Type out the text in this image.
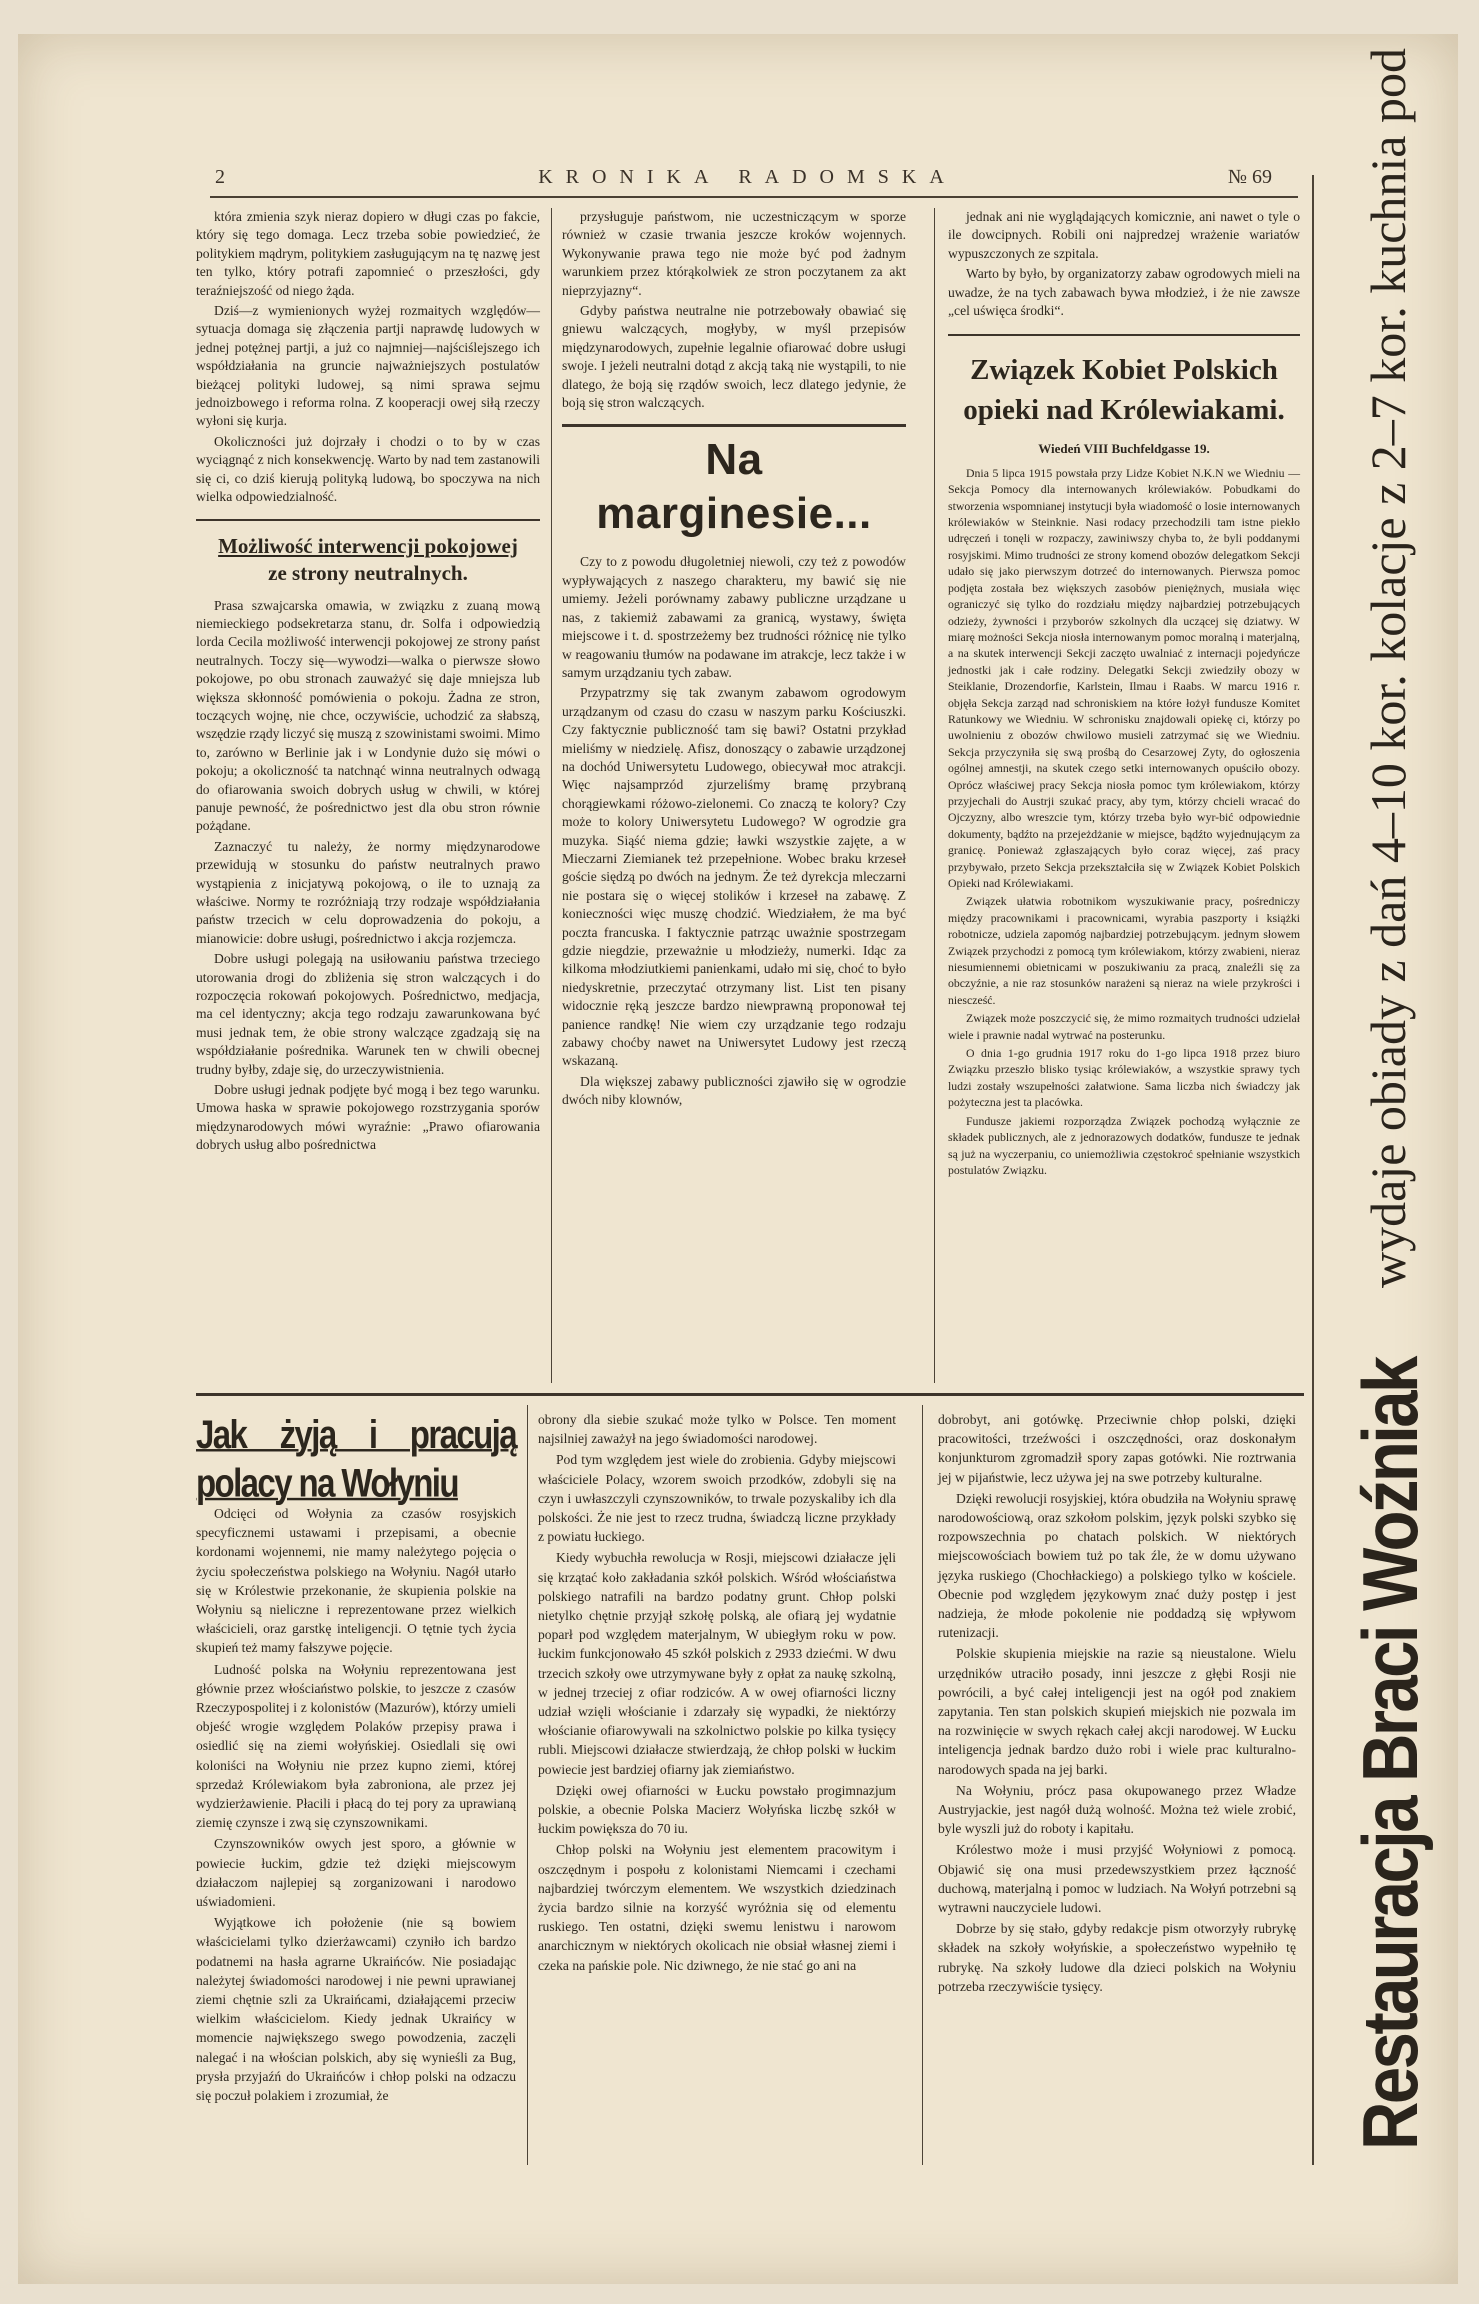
2	KRONIKA RADOMSKA	№ 69

która zmienia szyk nieraz dopiero w długi czas po fakcie, który się tego domaga. Lecz trzeba sobie powiedzieć, że politykiem mądrym, politykiem zasługującym na tę nazwę jest ten tylko, który potrafi zapomnieć o przeszłości, gdy teraźniejszość od niego żąda.

Dziś—z wymienionych wyżej rozmaitych względów—sytuacja domaga się złączenia partji naprawdę ludowych w jednej potężnej partji, a już co najmniej—najściślejszego ich współdziałania na gruncie najważniejszych postulatów bieżącej polityki ludowej, są nimi sprawa sejmu jednoizbowego i reforma rolna. Z kooperacji owej siłą rzeczy wyłoni się kurja.

Okoliczności już dojrzały i chodzi o to by w czas wyciągnąć z nich konsekwencję. Warto by nad tem zastanowili się ci, co dziś kierują polityką ludową, bo spoczywa na nich wielka odpowiedzialność.

Możliwość interwencji pokojowej
ze strony neutralnych.

Prasa szwajcarska omawia, w związku z zuaną mową niemieckiego podsekretarza stanu, dr. Solfa i odpowiedzią lorda Cecila możliwość interwencji pokojowej ze strony państ neutralnych. Toczy się—wywodzi—walka o pierwsze słowo pokojowe, po obu stronach zauważyć się daje mniejsza lub większa skłonność pomówienia o pokoju. Żadna ze stron, toczących wojnę, nie chce, oczywiście, uchodzić za słabszą, wszędzie rządy liczyć się muszą z szowinistami swoimi. Mimo to, zarówno w Berlinie jak i w Londynie dużo się mówi o pokoju; a okoliczność ta natchnąć winna neutralnych odwagą do ofiarowania swoich dobrych usług w chwili, w której panuje pewność, że pośrednictwo jest dla obu stron równie pożądane.

Zaznaczyć tu należy, że normy międzynarodowe przewidują w stosunku do państw neutralnych prawo wystąpienia z inicjatywą pokojową, o ile to uznają za właściwe. Normy te rozróżniają trzy rodzaje współdziałania państw trzecich w celu doprowadzenia do pokoju, a mianowicie: dobre usługi, pośrednictwo i akcja rozjemcza.

Dobre usługi polegają na usiłowaniu państwa trzeciego utorowania drogi do zbliżenia się stron walczących i do rozpoczęcia rokowań pokojowych. Pośrednictwo, medjacja, ma cel identyczny; akcja tego rodzaju zawarunkowana być musi jednak tem, że obie strony walczące zgadzają się na współdziałanie pośrednika. Warunek ten w chwili obecnej trudny byłby, zdaje się, do urzeczywistnienia.

Dobre usługi jednak podjęte być mogą i bez tego warunku. Umowa haska w sprawie pokojowego rozstrzygania sporów międzynarodowych mówi wyraźnie: „Prawo ofiarowania dobrych usług albo pośrednictwa

przysługuje państwom, nie uczestniczącym w sporze również w czasie trwania jeszcze kroków wojennych. Wykonywanie prawa tego nie może być pod żadnym warunkiem przez którąkolwiek ze stron poczytanem za akt nieprzyjazny“.

Gdyby państwa neutralne nie potrzebowały obawiać się gniewu walczących, mogłyby, w myśl przepisów międzynarodowych, zupełnie legalnie ofiarować dobre usługi swoje. I jeżeli neutralni dotąd z akcją taką nie wystąpili, to nie dlatego, że boją się rządów swoich, lecz dlatego jedynie, że boją się stron walczących.

Na marginesie...

Czy to z powodu długoletniej niewoli, czy też z powodów wypływających z naszego charakteru, my bawić się nie umiemy. Jeżeli porównamy zabawy publiczne urządzane u nas, z takiemiż zabawami za granicą, wystawy, święta miejscowe i t. d. spostrzeżemy bez trudności różnicę nie tylko w reagowaniu tłumów na podawane im atrakcje, lecz także i w samym urządzaniu tych zabaw.

Przypatrzmy się tak zwanym zabawom ogrodowym urządzanym od czasu do czasu w naszym parku Kościuszki. Czy faktycznie publiczność tam się bawi? Ostatni przykład mieliśmy w niedzielę. Afisz, donoszący o zabawie urządzonej na dochód Uniwersytetu Ludowego, obiecywał moc atrakcji. Więc najsamprzód zjurzeliśmy bramę przybraną chorągiewkami różowo-zielonemi. Co znaczą te kolory? Czy może to kolory Uniwersytetu Ludowego? W ogrodzie gra muzyka. Siąść niema gdzie; ławki wszystkie zajęte, a w Mieczarni Ziemianek też przepełnione. Wobec braku krzeseł goście siędzą po dwóch na jednym. Że też dyrekcja mleczarni nie postara się o więcej stolików i krzeseł na zabawę. Z konieczności więc muszę chodzić. Wiedziałem, że ma być poczta francuska. I faktycznie patrząc uważnie spostrzegam gdzie niegdzie, przeważnie u młodzieży, numerki. Idąc za kilkoma młodziutkiemi panienkami, udało mi się, choć to było niedyskretnie, przeczytać otrzymany list. List ten pisany widocznie ręką jeszcze bardzo niewprawną proponował tej panience randkę! Nie wiem czy urządzanie tego rodzaju zabawy choćby nawet na Uniwersytet Ludowy jest rzeczą wskazaną.

Dla większej zabawy publiczności zjawiło się w ogrodzie dwóch niby klownów,

jednak ani nie wyglądających komicznie, ani nawet o tyle o ile dowcipnych. Robili oni najpredzej wrażenie wariatów wypuszczonych ze szpitala.

Warto by było, by organizatorzy zabaw ogrodowych mieli na uwadze, że na tych zabawach bywa młodzież, i że nie zawsze „cel uświęca środki“.

Związek Kobiet Polskich
opieki nad Królewiakami.
Wiedeń VIII Buchfeldgasse 19.

Dnia 5 lipca 1915 powstała przy Lidze Kobiet N.K.N we Wiedniu — Sekcja Pomocy dla internowanych królewiaków. Pobudkami do stworzenia wspomnianej instytucji była wiadomość o losie internowanych królewiaków w Steinknie. Nasi rodacy przechodzili tam istne piekło udręczeń i tonęli w rozpaczy, zawiniwszy chyba to, że byli poddanymi rosyjskimi. Mimo trudności ze strony komend obozów delegatkom Sekcji udało się jako pierwszym dotrzeć do internowanych. Pierwsza pomoc podjęta została bez większych zasobów pieniężnych, musiała więc ograniczyć się tylko do rozdziału między najbardziej potrzebujących odzieży, żywności i przyborów szkolnych dla uczącej się dziatwy. W miarę możności Sekcja niosła internowanym pomoc moralną i materjalną, a na skutek interwencji Sekcji zaczęto uwalniać z internacji pojedyńcze jednostki jak i całe rodziny. Delegatki Sekcji zwiedziły obozy w Steiklanie, Drozendorfie, Karlstein, Ilmau i Raabs. W marcu 1916 r. objęła Sekcja zarząd nad schroniskiem na które łożył fundusze Komitet Ratunkowy we Wiedniu. W schronisku znajdowali opiekę ci, którzy po uwolnieniu z obozów chwilowo musieli zatrzymać się we Wiedniu. Sekcja przyczyniła się swą prośbą do Cesarzowej Zyty, do ogłoszenia ogólnej amnestji, na skutek czego setki internowanych opuściło obozy. Oprócz właściwej pracy Sekcja niosła pomoc tym królewiakom, którzy przyjechali do Austrji szukać pracy, aby tym, którzy chcieli wracać do Ojczyzny, albo wreszcie tym, którzy trzeba było wyr-bić odpowiednie dokumenty, bądźto na przejeżdżanie w miejsce, bądźto wyjednującym za granicę. Ponieważ zgłaszających było coraz więcej, zaś pracy przybywało, przeto Sekcja przekształciła się w Związek Kobiet Polskich Opieki nad Królewiakami.

Związek ułatwia robotnikom wyszukiwanie pracy, pośredniczy między pracownikami i pracownicami, wyrabia paszporty i książki robotnicze, udziela zapomóg najbardziej potrzebującym. jednym słowem Związek przychodzi z pomocą tym królewiakom, którzy zwabieni, nieraz niesumiennemi obietnicami w poszukiwaniu za pracą, znaleźli się za obczyźnie, a nie raz stosunków narażeni są nieraz na wiele przykrości i niescześć.

Związek może poszczycić się, że mimo rozmaitych trudności udzielał wiele i prawnie nadal wytrwać na posterunku.

O dnia 1-go grudnia 1917 roku do 1-go lipca 1918 przez biuro Związku przeszło blisko tysiąc królewiaków, a wszystkie sprawy tych ludzi zostały wszupełności załatwione. Sama liczba nich świadczy jak pożyteczna jest ta placówka.

Fundusze jakiemi rozporządza Związek pochodzą wyłącznie ze składek publicznych, ale z jednorazowych dodatków, fundusze te jednak są już na wyczerpaniu, co uniemożliwia częstokroć spełnianie wszystkich postulatów Związku.

Jak żyją i pracują polacy na Wołyniu

Odcięci od Wołynia za czasów rosyjskich specyficznemi ustawami i przepisami, a obecnie kordonami wojennemi, nie mamy należytego pojęcia o życiu społeczeństwa polskiego na Wołyniu. Nagół utarło się w Królestwie przekonanie, że skupienia polskie na Wołyniu są nieliczne i reprezentowane przez wielkich właścicieli, oraz garstkę inteligencji. O tętnie tych życia skupień też mamy fałszywe pojęcie.

Ludność polska na Wołyniu reprezentowana jest głównie przez włościaństwo polskie, to jeszcze z czasów Rzeczypospolitej i z kolonistów (Mazurów), którzy umieli objeść wrogie względem Polaków przepisy prawa i osiedlić się na ziemi wołyńskiej. Osiedlali się owi koloniści na Wołyniu nie przez kupno ziemi, której sprzedaż Królewiakom była zabroniona, ale przez jej wydzierżawienie. Płacili i płacą do tej pory za uprawianą ziemię czynsze i zwą się czynszownikami.

Czynszowników owych jest sporo, a głównie w powiecie łuckim, gdzie też dzięki miejscowym działaczom najlepiej są zorganizowani i narodowo uświadomieni.

Wyjątkowe ich położenie (nie są bowiem właścicielami tylko dzierżawcami) czyniło ich bardzo podatnemi na hasła agrarne Ukraińców. Nie posiadając należytej świadomości narodowej i nie pewni uprawianej ziemi chętnie szli za Ukraińcami, działającemi przeciw wielkim właścicielom. Kiedy jednak Ukraińcy w momencie największego swego powodzenia, zaczęli nalegać i na włościan polskich, aby się wynieśli za Bug, prysła przyjaźń do Ukraińców i chłop polski na odzaczu się poczuł polakiem i zrozumiał, że

obrony dla siebie szukać może tylko w Polsce. Ten moment najsilniej zaważył na jego świadomości narodowej.

Pod tym względem jest wiele do zrobienia. Gdyby miejscowi właściciele Polacy, wzorem swoich przodków, zdobyli się na czyn i uwłaszczyli czynszowników, to trwale pozyskaliby ich dla polskości. Że nie jest to rzecz trudna, świadczą liczne przykłady z powiatu łuckiego.

Kiedy wybuchła rewolucja w Rosji, miejscowi działacze jęli się krzątać koło zakładania szkół polskich. Wśród włościaństwa polskiego natrafili na bardzo podatny grunt. Chłop polski nietylko chętnie przyjął szkołę polską, ale ofiarą jej wydatnie poparł pod względem materjalnym, W ubiegłym roku w pow. łuckim funkcjonowało 45 szkół polskich z 2933 dziećmi. W dwu trzecich szkoły owe utrzymywane były z opłat za naukę szkolną, w jednej trzeciej z ofiar rodziców. A w owej ofiarności liczny udział wzięli włościanie i zdarzały się wypadki, że niektórzy włościanie ofiarowywali na szkolnictwo polskie po kilka tysięcy rubli. Miejscowi działacze stwierdzają, że chłop polski w łuckim powiecie jest bardziej ofiarny jak ziemiaństwo.

Dzięki owej ofiarności w Łucku powstało progimnazjum polskie, a obecnie Polska Macierz Wołyńska liczbę szkół w łuckim powiększa do 70 iu.

Chłop polski na Wołyniu jest elementem pracowitym i oszczędnym i pospołu z kolonistami Niemcami i czechami najbardziej twórczym elementem. We wszystkich dziedzinach życia bardzo silnie na korzyść wyróżnia się od elementu ruskiego. Ten ostatni, dzięki swemu lenistwu i narowom anarchicznym w niektórych okolicach nie obsiał własnej ziemi i czeka na pańskie pole. Nic dziwnego, że nie stać go ani na

dobrobyt, ani gotówkę. Przeciwnie chłop polski, dzięki pracowitości, trzeźwości i oszczędności, oraz doskonałym konjunkturom zgromadził spory zapas gotówki. Nie roztrwania jej w pijaństwie, lecz używa jej na swe potrzeby kulturalne.

Dzięki rewolucji rosyjskiej, która obudziła na Wołyniu sprawę narodowościową, oraz szkołom polskim, język polski szybko się rozpowszechnia po chatach polskich. W niektórych miejscowościach bowiem tuż po tak źle, że w domu używano języka ruskiego (Chochłackiego) a polskiego tylko w kościele. Obecnie pod względem językowym znać duży postęp i jest nadzieja, że młode pokolenie nie poddadzą się wpływom rutenizacji.

Polskie skupienia miejskie na razie są nieustalone. Wielu urzędników utraciło posady, inni jeszcze z głębi Rosji nie powrócili, a być całej inteligencji jest na ogół pod znakiem zapytania. Ten stan polskich skupień miejskich nie pozwala im na rozwinięcie w swych rękach całej akcji narodowej. W Łucku inteligencja jednak bardzo dużo robi i wiele prac kulturalno-narodowych spada na jej barki.

Na Wołyniu, prócz pasa okupowanego przez Władze Austryjackie, jest nagół dużą wolność. Można też wiele zrobić, byle wyszli już do roboty i kapitału.

Królestwo może i musi przyjść Wołyniowi z pomocą. Objawić się ona musi przedewszystkiem przez łączność duchową, materjalną i pomoc w ludziach. Na Wołyń potrzebni są wytrawni nauczyciele ludowi.

Dobrze by się stało, gdyby redakcje pism otworzyły rubrykę składek na szkoły wołyńskie, a społeczeństwo wypełniło tę rubrykę. Na szkoły ludowe dla dzieci polskich na Wołyniu potrzeba rzeczywiście tysięcy.	Restauracja Braci Woźniak
wydaje obiady z dań 4–10 kor. kolacje z 2–7 kor. kuchnia pod
